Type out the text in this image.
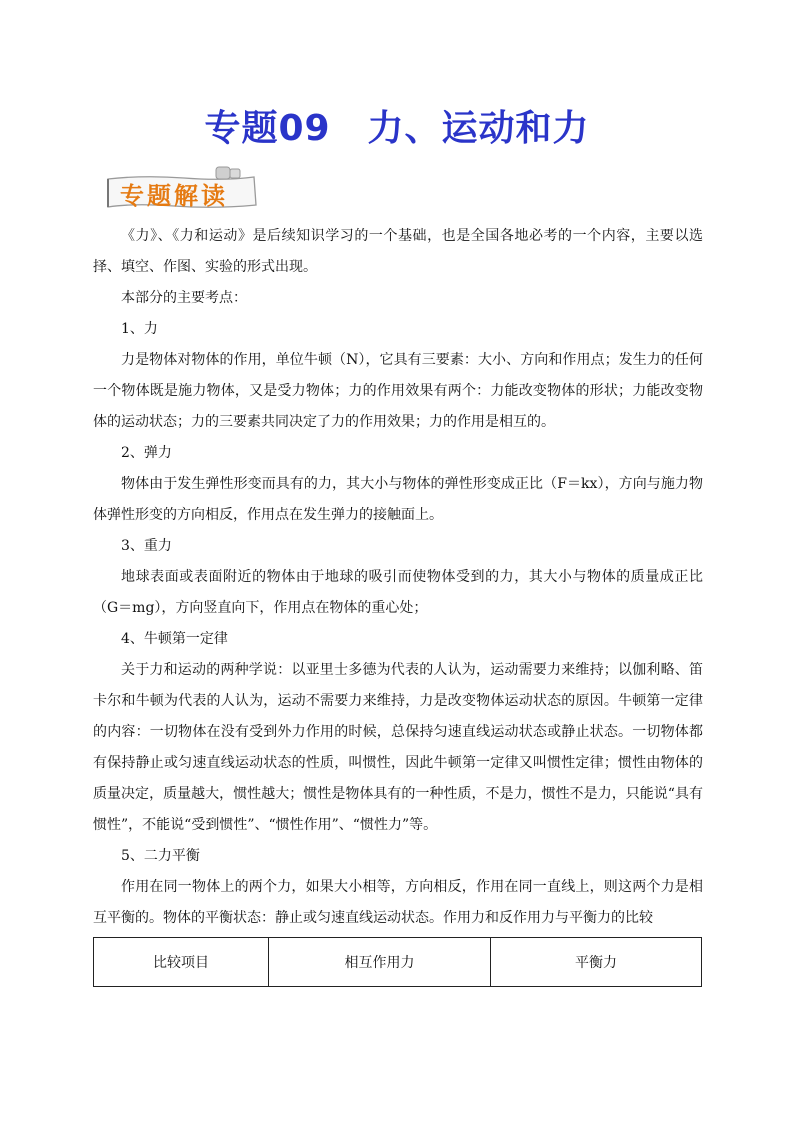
专题09　力、运动和力
专题解读

《力》、《力和运动》是后续知识学习的一个基础，也是全国各地必考的一个内容，主要以选择、填空、作图、实验的形式出现。

本部分的主要考点：

1、力

力是物体对物体的作用，单位牛顿（N），它具有三要素：大小、方向和作用点；发生力的任何一个物体既是施力物体，又是受力物体；力的作用效果有两个：力能改变物体的形状；力能改变物体的运动状态；力的三要素共同决定了力的作用效果；力的作用是相互的。

2、弹力

物体由于发生弹性形变而具有的力，其大小与物体的弹性形变成正比（F＝kx），方向与施力物体弹性形变的方向相反，作用点在发生弹力的接触面上。

3、重力

地球表面或表面附近的物体由于地球的吸引而使物体受到的力，其大小与物体的质量成正比（G＝mg），方向竖直向下，作用点在物体的重心处；

4、牛顿第一定律

关于力和运动的两种学说：以亚里士多德为代表的人认为，运动需要力来维持；以伽利略、笛卡尔和牛顿为代表的人认为，运动不需要力来维持，力是改变物体运动状态的原因。牛顿第一定律的内容：一切物体在没有受到外力作用的时候，总保持匀速直线运动状态或静止状态。一切物体都有保持静止或匀速直线运动状态的性质，叫惯性，因此牛顿第一定律又叫惯性定律；惯性由物体的质量决定，质量越大，惯性越大；惯性是物体具有的一种性质，不是力，惯性不是力，只能说“具有惯性”，不能说“受到惯性”、“惯性作用”、“惯性力”等。

5、二力平衡

作用在同一物体上的两个力，如果大小相等，方向相反，作用在同一直线上，则这两个力是相互平衡的。物体的平衡状态：静止或匀速直线运动状态。作用力和反作用力与平衡力的比较

比较项目	相互作用力	平衡力
